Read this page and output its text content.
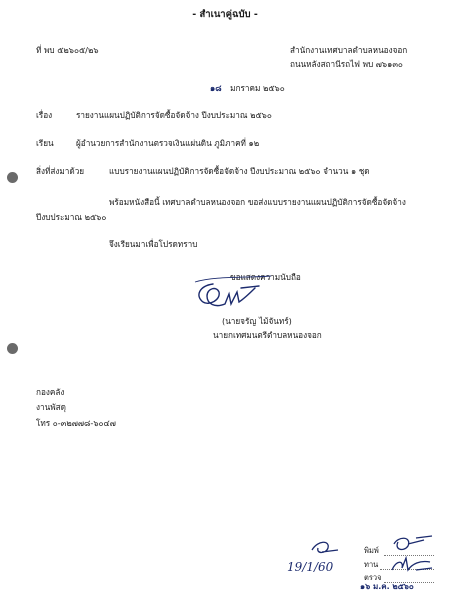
- สำเนาคู่ฉบับ -
ที่ พบ ๕๒๖๐๕/๒๖	สำนักงานเทศบาลตำบลหนองจอก
ถนนหลังสถานีรถไฟ พบ ๗๖๑๓๐
๑๘ มกราคม ๒๕๖๐
เรื่อง	รายงานแผนปฏิบัติการจัดซื้อจัดจ้าง ปีงบประมาณ ๒๕๖๐
เรียน	ผู้อำนวยการสำนักงานตรวจเงินแผ่นดิน ภูมิภาคที่ ๑๒
สิ่งที่ส่งมาด้วย	แบบรายงานแผนปฏิบัติการจัดซื้อจัดจ้าง ปีงบประมาณ ๒๕๖๐ จำนวน ๑ ชุด
พร้อมหนังสือนี้ เทศบาลตำบลหนองจอก ขอส่งแบบรายงานแผนปฏิบัติการจัดซื้อจัดจ้าง
ปีงบประมาณ ๒๕๖๐
จึงเรียนมาเพื่อโปรดทราบ
ขอแสดงความนับถือ
(นายจรัญ ไม้จันทร์)
นายกเทศมนตรีตำบลหนองจอก
กองคลัง
งานพัสดุ
โทร ๐-๓๒๗๗๘-๖๐๔๗
19/1/60
พิมพ์
ทาน
ตรวจ
๑๖ ม.ค. ๒๕๖๐
